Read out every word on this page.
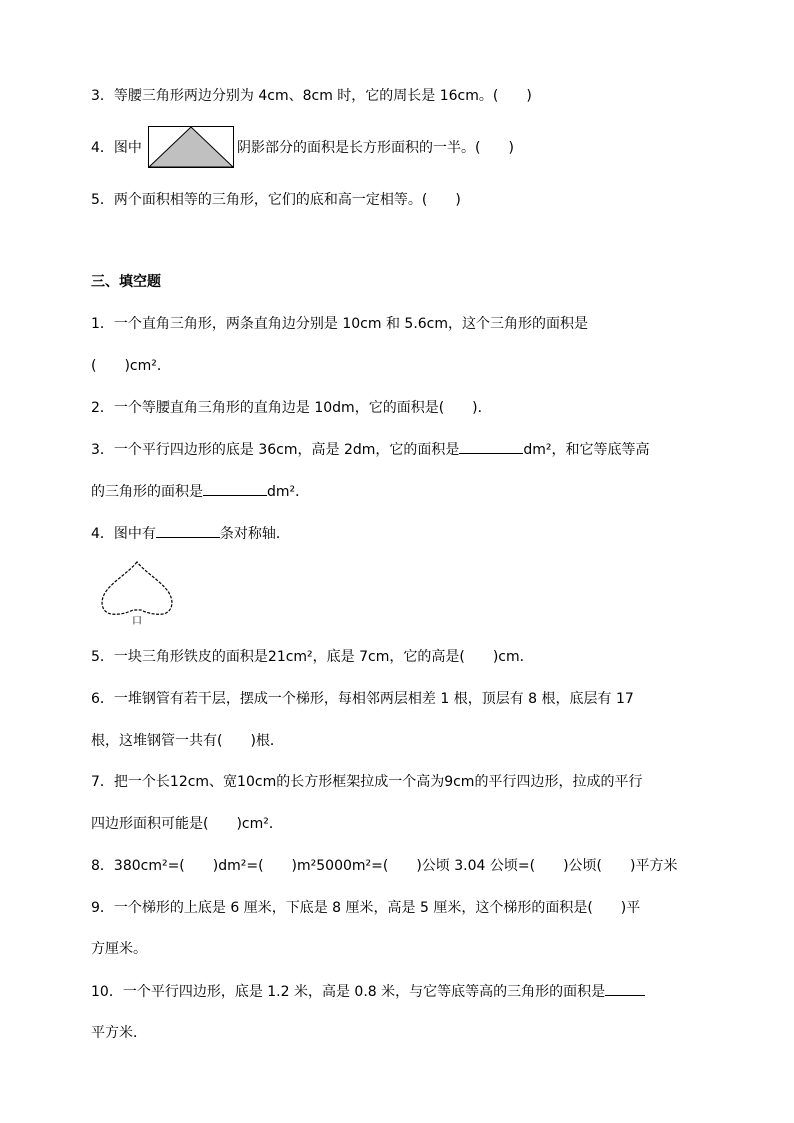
3．等腰三角形两边分别为 4cm、8cm 时，它的周长是 16cm。(　　)
4．图中	阴影部分的面积是长方形面积的一半。(　　)
5．两个面积相等的三角形，它们的底和高一定相等。(　　)
三、填空题
1．一个直角三角形，两条直角边分别是 10cm 和 5.6cm，这个三角形的面积是
(　　)cm²．
2．一个等腰直角三角形的直角边是 10dm，它的面积是(　　)．
3．一个平行四边形的底是 36cm，高是 2dm，它的面积是	dm²，和它等底等高
的三角形的面积是	dm²．
4．图中有	条对称轴．
口
5．一块三角形铁皮的面积是21cm²，底是 7cm，它的高是(　　)cm．
6．一堆钢管有若干层，摆成一个梯形，每相邻两层相差 1 根，顶层有 8 根，底层有 17
根，这堆钢管一共有(　　)根．
7．把一个长12cm、宽10cm的长方形框架拉成一个高为9cm的平行四边形，拉成的平行
四边形面积可能是(　　)cm²．
8．380cm²=(　　)dm²=(　　)m²5000m²=(　　)公顷 3.04 公顷=(　　)公顷(　　)平方米
9．一个梯形的上底是 6 厘米，下底是 8 厘米，高是 5 厘米，这个梯形的面积是(　　)平
方厘米。
10．一个平行四边形，底是 1.2 米，高是 0.8 米，与它等底等高的三角形的面积是
平方米．
